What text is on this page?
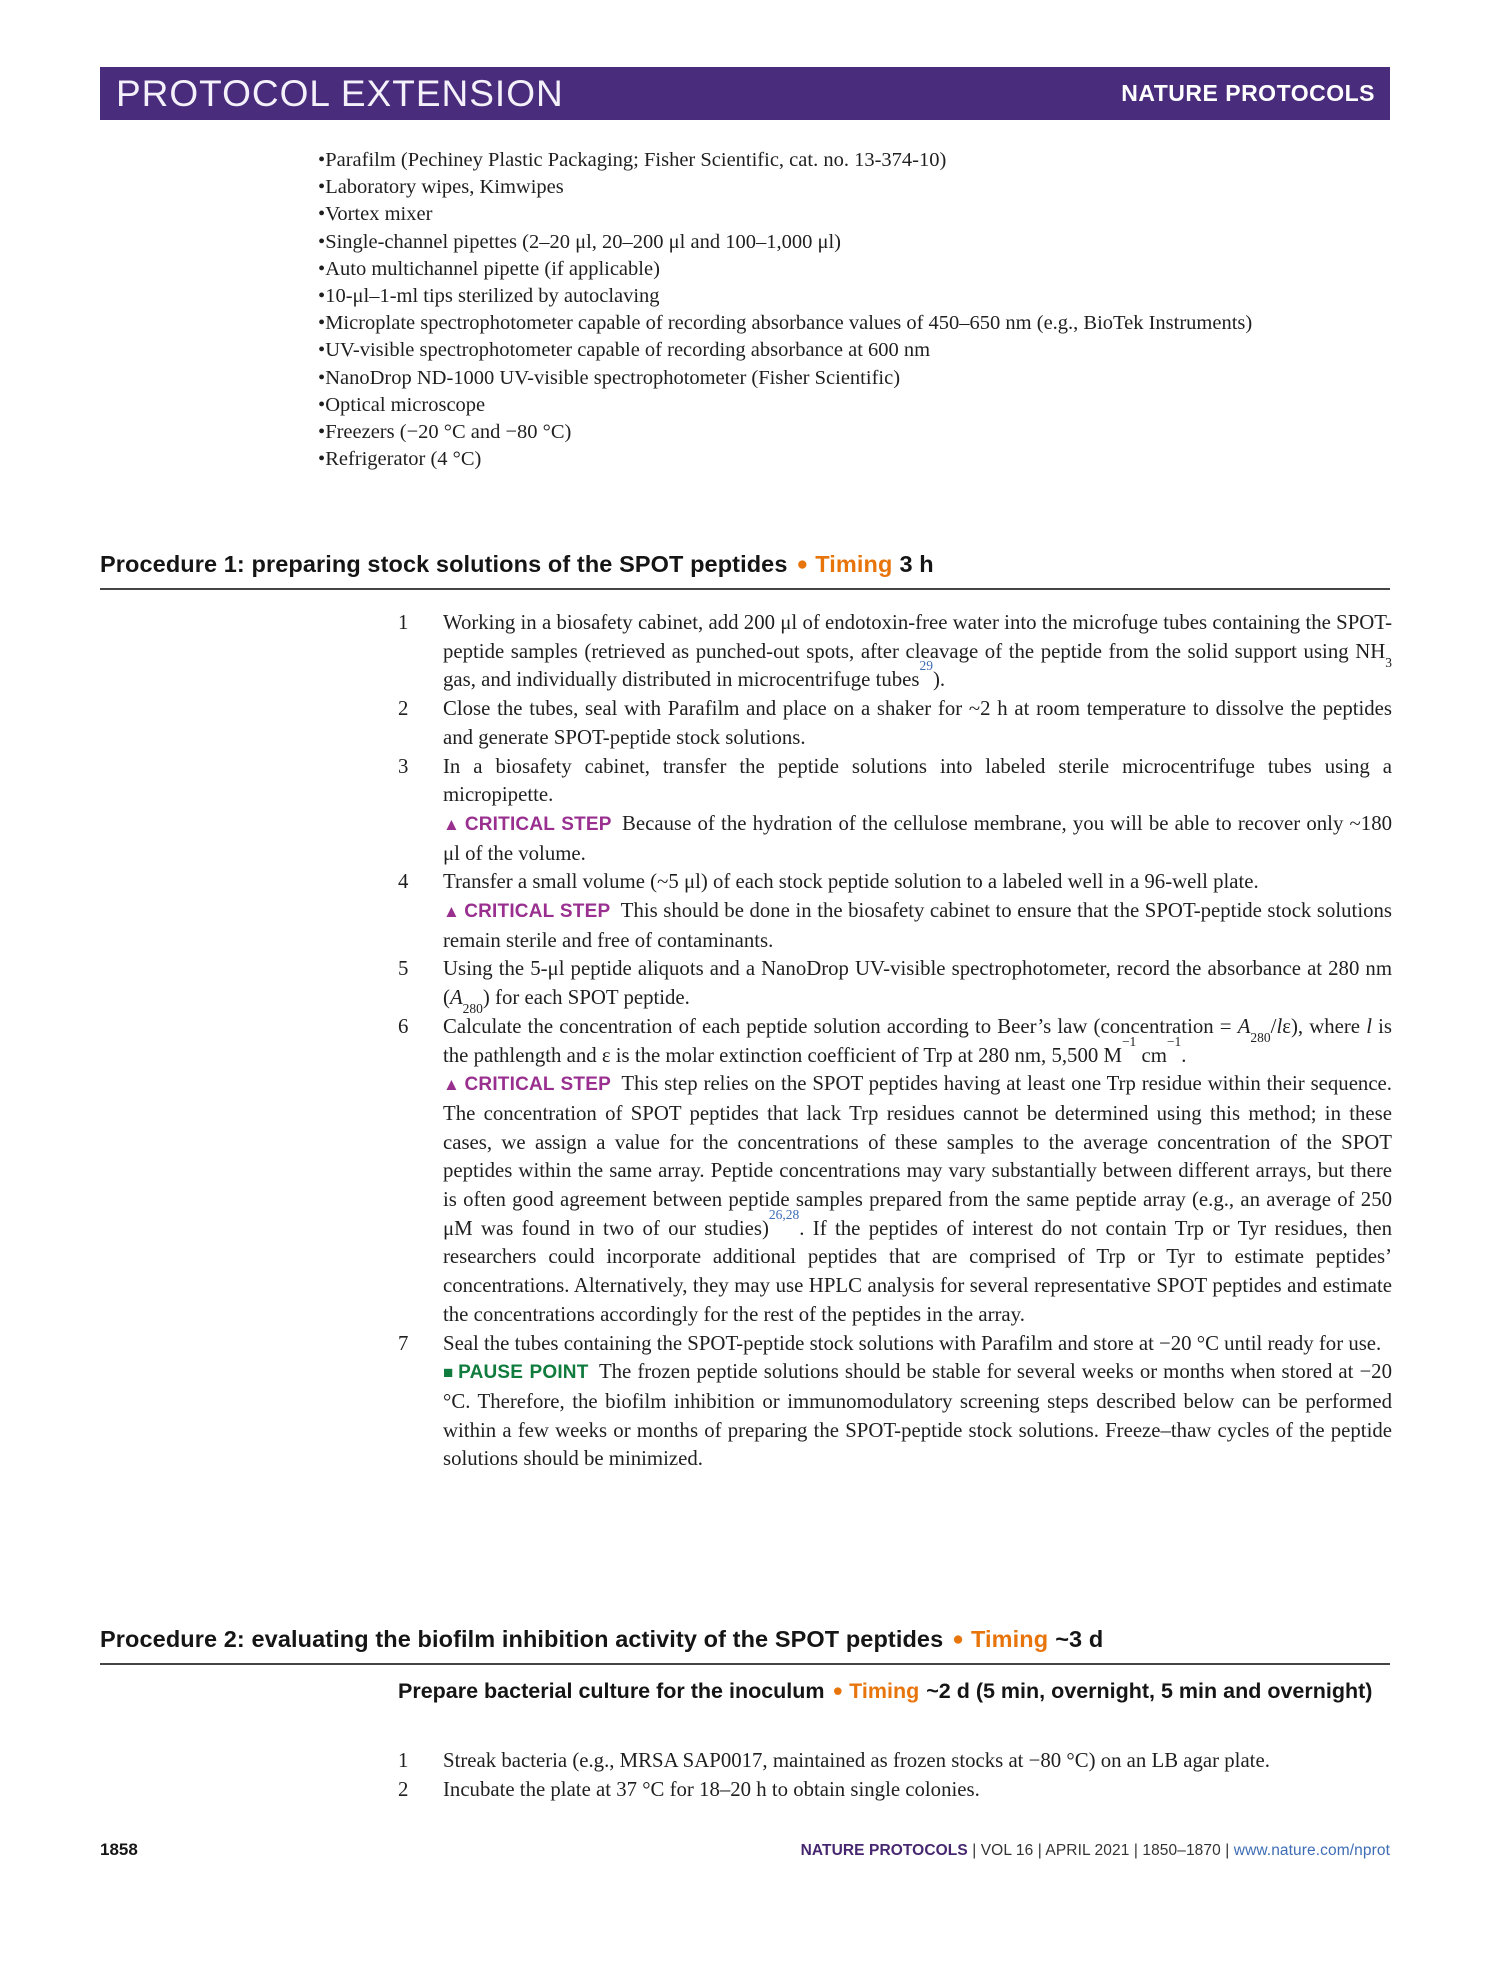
PROTOCOL EXTENSION	NATURE PROTOCOLS
• Parafilm (Pechiney Plastic Packaging; Fisher Scientific, cat. no. 13-374-10)
• Laboratory wipes, Kimwipes
• Vortex mixer
• Single-channel pipettes (2–20 μl, 20–200 μl and 100–1,000 μl)
• Auto multichannel pipette (if applicable)
• 10-μl–1-ml tips sterilized by autoclaving
• Microplate spectrophotometer capable of recording absorbance values of 450–650 nm (e.g., BioTek Instruments)
• UV-visible spectrophotometer capable of recording absorbance at 600 nm
• NanoDrop ND-1000 UV-visible spectrophotometer (Fisher Scientific)
• Optical microscope
• Freezers (−20 °C and −80 °C)
• Refrigerator (4 °C)
Procedure 1: preparing stock solutions of the SPOT peptides ● Timing 3 h
1	Working in a biosafety cabinet, add 200 μl of endotoxin-free water into the microfuge tubes containing the SPOT-peptide samples (retrieved as punched-out spots, after cleavage of the peptide from the solid support using $NH_3$ gas, and individually distributed in microcentrifuge tubes$^{29}$).
2	Close the tubes, seal with Parafilm and place on a shaker for ~2 h at room temperature to dissolve the peptides and generate SPOT-peptide stock solutions.
3	In a biosafety cabinet, transfer the peptide solutions into labeled sterile microcentrifuge tubes using a micropipette.
▲ CRITICAL STEP  Because of the hydration of the cellulose membrane, you will be able to recover only ~180 μl of the volume.
4	Transfer a small volume (~5 μl) of each stock peptide solution to a labeled well in a 96-well plate.
▲ CRITICAL STEP  This should be done in the biosafety cabinet to ensure that the SPOT-peptide stock solutions remain sterile and free of contaminants.
5	Using the 5-μl peptide aliquots and a NanoDrop UV-visible spectrophotometer, record the absorbance at 280 nm $(A_{280})$ for each SPOT peptide.
6	Calculate the concentration of each peptide solution according to Beer’s law (concentration = $A_{280}/l\varepsilon$), where l is the pathlength and ε is the molar extinction coefficient of Trp at 280 nm, 5,500 $M^{-1}$ $cm^{-1}$.
▲ CRITICAL STEP  This step relies on the SPOT peptides having at least one Trp residue within their sequence. The concentration of SPOT peptides that lack Trp residues cannot be determined using this method; in these cases, we assign a value for the concentrations of these samples to the average concentration of the SPOT peptides within the same array. Peptide concentrations may vary substantially between different arrays, but there is often good agreement between peptide samples prepared from the same peptide array (e.g., an average of 250 μM was found in two of our studies)$^{26,28}$. If the peptides of interest do not contain Trp or Tyr residues, then researchers could incorporate additional peptides that are comprised of Trp or Tyr to estimate peptides’ concentrations. Alternatively, they may use HPLC analysis for several representative SPOT peptides and estimate the concentrations accordingly for the rest of the peptides in the array.
7	Seal the tubes containing the SPOT-peptide stock solutions with Parafilm and store at −20 °C until ready for use.
■ PAUSE POINT  The frozen peptide solutions should be stable for several weeks or months when stored at −20 °C. Therefore, the biofilm inhibition or immunomodulatory screening steps described below can be performed within a few weeks or months of preparing the SPOT-peptide stock solutions. Freeze–thaw cycles of the peptide solutions should be minimized.
Procedure 2: evaluating the biofilm inhibition activity of the SPOT peptides ● Timing ~3 d
Prepare bacterial culture for the inoculum ● Timing ~2 d (5 min, overnight, 5 min and overnight)
1	Streak bacteria (e.g., MRSA SAP0017, maintained as frozen stocks at −80 °C) on an LB agar plate.
2	Incubate the plate at 37 °C for 18–20 h to obtain single colonies.
1858	NATURE PROTOCOLS | VOL 16 | APRIL 2021 | 1850–1870 | www.nature.com/nprot
